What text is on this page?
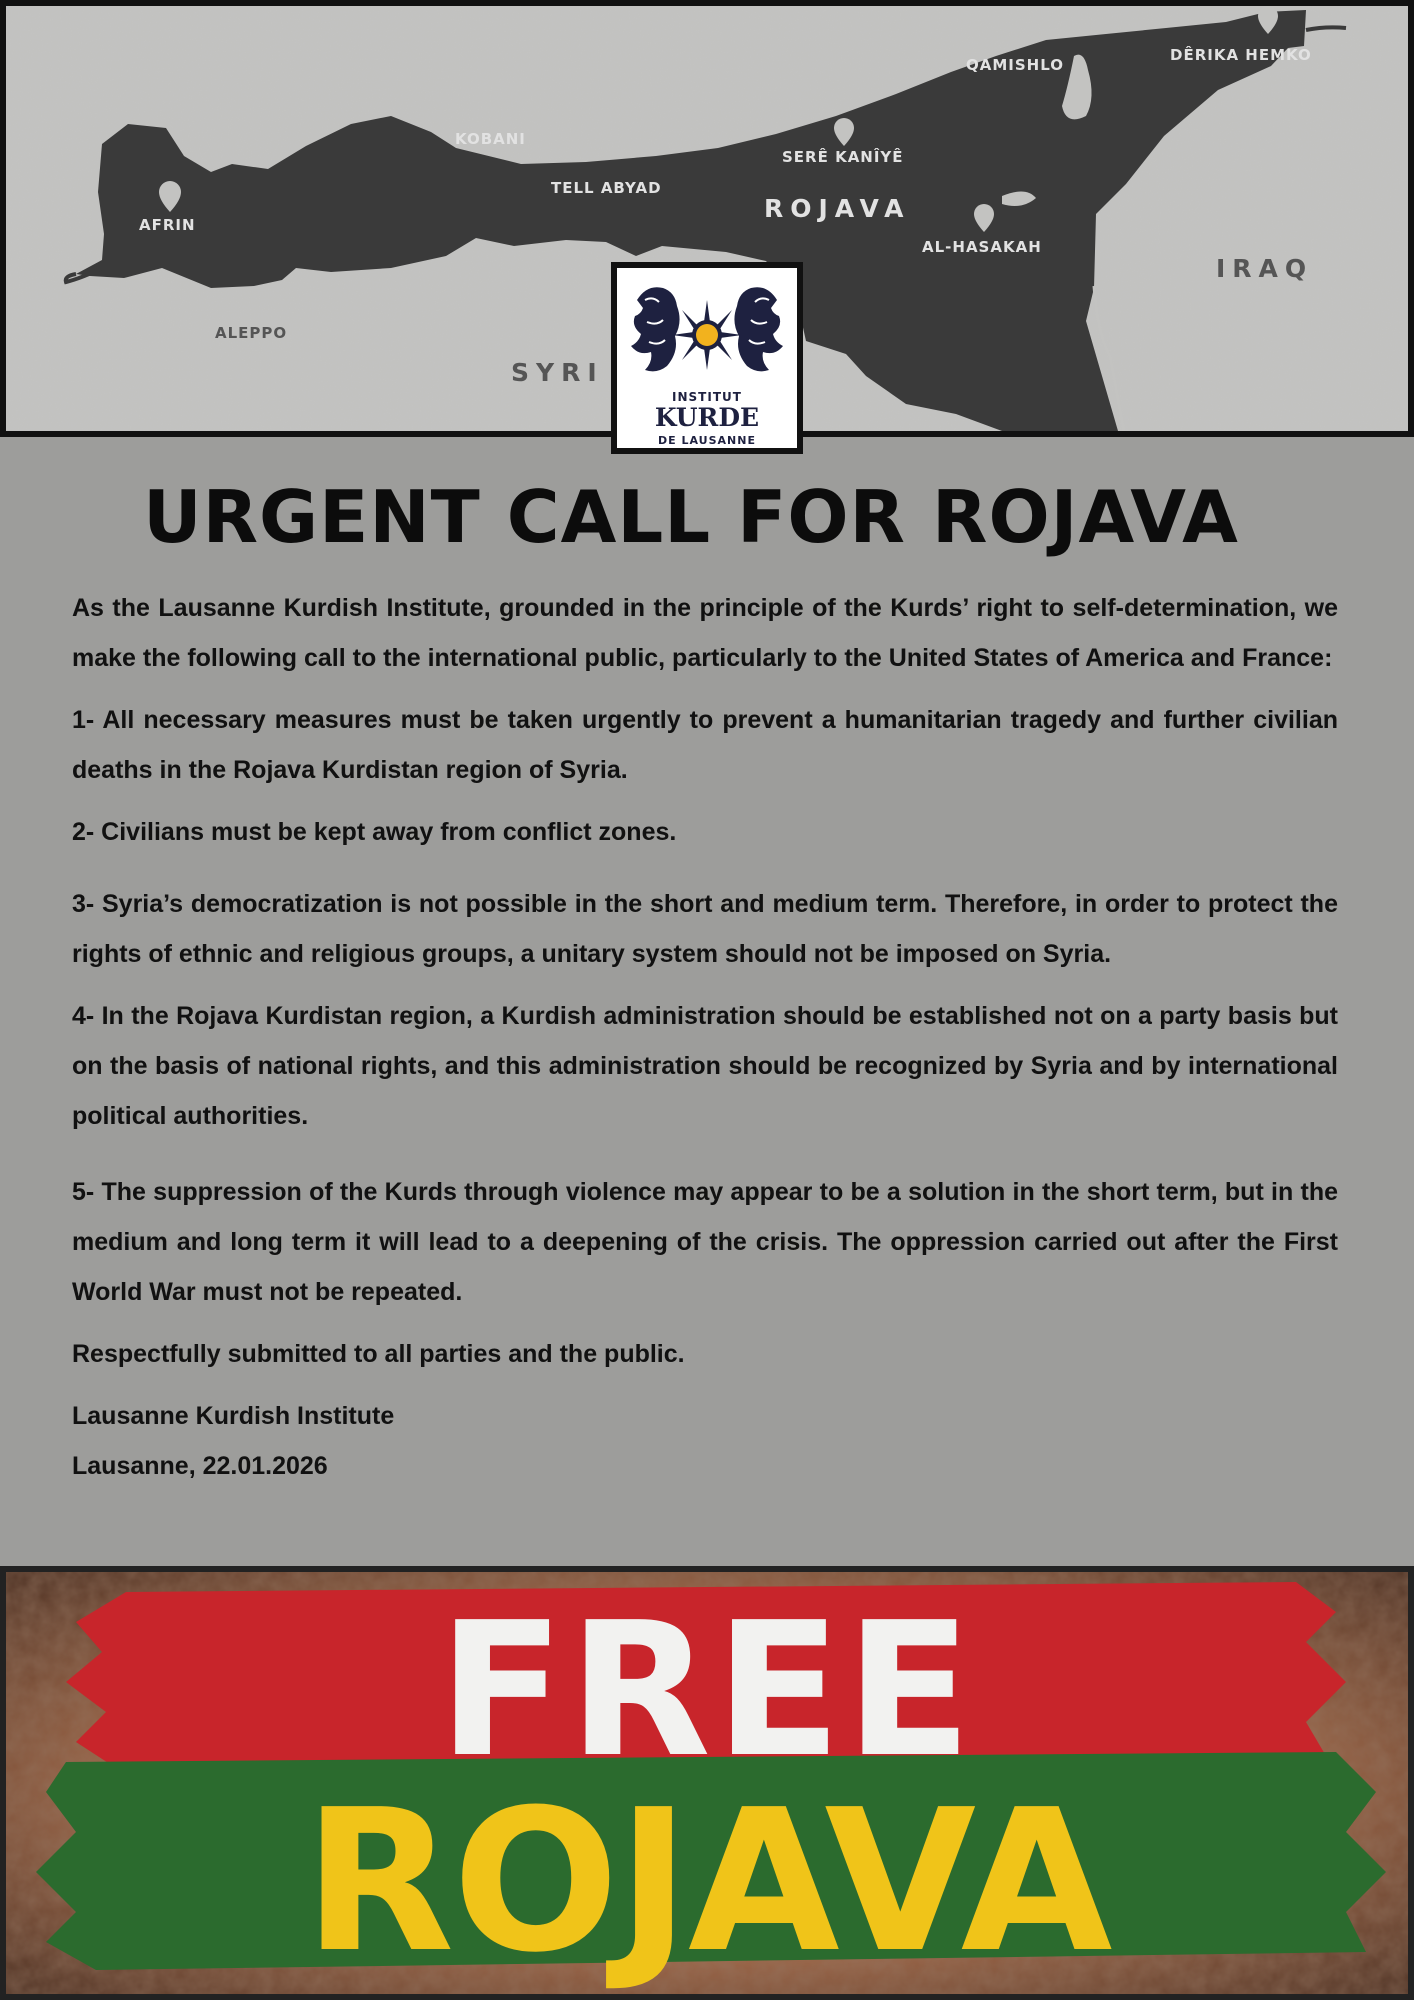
AFRIN
ALEPPO
KOBANI
TELL ABYAD
SERÊ KANÎYÊ
ROJAVA
AL-HASAKAH
QAMISHLO
DÊRIKA HEMKO
IRAQ
SYRI
INSTITUT
KURDE
DE LAUSANNE
URGENT CALL FOR ROJAVA

As the Lausanne Kurdish Institute, grounded in the principle of the Kurds’ right to self-determination, we make the following call to the international public, particularly to the United States of America and France:

1- All necessary measures must be taken urgently to prevent a humanitarian tragedy and further civilian deaths in the Rojava Kurdistan region of Syria.

2- Civilians must be kept away from conflict zones.

3- Syria’s democratization is not possible in the short and medium term. Therefore, in order to protect the rights of ethnic and religious groups, a unitary system should not be imposed on Syria.

4- In the Rojava Kurdistan region, a Kurdish administration should be established not on a party basis but on the basis of national rights, and this administration should be recognized by Syria and by international political authorities.

5- The suppression of the Kurds through violence may appear to be a solution in the short term, but in the medium and long term it will lead to a deepening of the crisis. The oppression carried out after the First World War must not be repeated.

Respectfully submitted to all parties and the public.

Lausanne Kurdish Institute

Lausanne, 22.01.2026

FREE
ROJAVA
